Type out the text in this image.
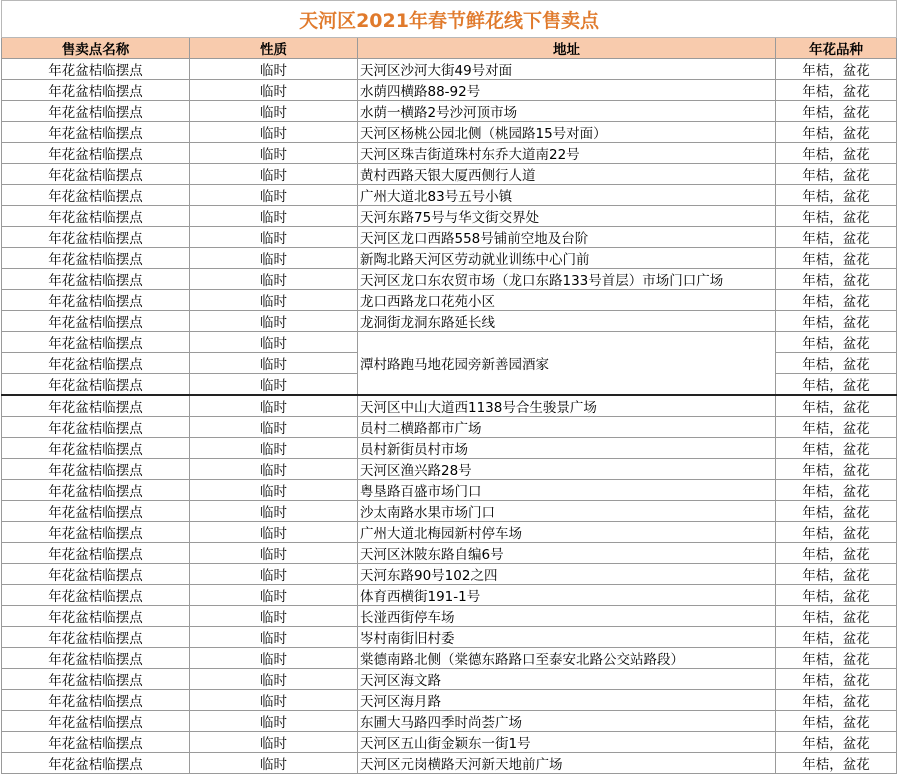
天河区2021年春节鲜花线下售卖点			
售卖点名称	性质	地址	年花品种
年花盆桔临摆点	临时	天河区沙河大街49号对面	年桔，盆花
年花盆桔临摆点	临时	水荫四横路88-92号	年桔，盆花
年花盆桔临摆点	临时	水荫一横路2号沙河顶市场	年桔，盆花
年花盆桔临摆点	临时	天河区杨桃公园北侧（桃园路15号对面）	年桔，盆花
年花盆桔临摆点	临时	天河区珠吉街道珠村东乔大道南22号	年桔，盆花
年花盆桔临摆点	临时	黄村西路天银大厦西侧行人道	年桔，盆花
年花盆桔临摆点	临时	广州大道北83号五号小镇	年桔，盆花
年花盆桔临摆点	临时	天河东路75号与华文街交界处	年桔，盆花
年花盆桔临摆点	临时	天河区龙口西路558号铺前空地及台阶	年桔，盆花
年花盆桔临摆点	临时	新陶北路天河区劳动就业训练中心门前	年桔，盆花
年花盆桔临摆点	临时	天河区龙口东农贸市场（龙口东路133号首层）市场门口广场	年桔，盆花
年花盆桔临摆点	临时	龙口西路龙口花苑小区	年桔，盆花
年花盆桔临摆点	临时	龙洞街龙洞东路延长线	年桔，盆花
年花盆桔临摆点	临时	潭村路跑马地花园旁新善园酒家	年桔，盆花
年花盆桔临摆点	临时		年桔，盆花
年花盆桔临摆点	临时		年桔，盆花
年花盆桔临摆点	临时	天河区中山大道西1138号合生骏景广场	年桔，盆花
年花盆桔临摆点	临时	员村二横路都市广场	年桔，盆花
年花盆桔临摆点	临时	员村新街员村市场	年桔，盆花
年花盆桔临摆点	临时	天河区渔兴路28号	年桔，盆花
年花盆桔临摆点	临时	粤垦路百盛市场门口	年桔，盆花
年花盆桔临摆点	临时	沙太南路水果市场门口	年桔，盆花
年花盆桔临摆点	临时	广州大道北梅园新村停车场	年桔，盆花
年花盆桔临摆点	临时	天河区沐陂东路自编6号	年桔，盆花
年花盆桔临摆点	临时	天河东路90号102之四	年桔，盆花
年花盆桔临摆点	临时	体育西横街191-1号	年桔，盆花
年花盆桔临摆点	临时	长湴西街停车场	年桔，盆花
年花盆桔临摆点	临时	岑村南街旧村委	年桔，盆花
年花盆桔临摆点	临时	棠德南路北侧（棠德东路路口至泰安北路公交站路段）	年桔，盆花
年花盆桔临摆点	临时	天河区海文路	年桔，盆花
年花盆桔临摆点	临时	天河区海月路	年桔，盆花
年花盆桔临摆点	临时	东圃大马路四季时尚荟广场	年桔，盆花
年花盆桔临摆点	临时	天河区五山街金颖东一街1号	年桔，盆花
年花盆桔临摆点	临时	天河区元岗横路天河新天地前广场	年桔，盆花
